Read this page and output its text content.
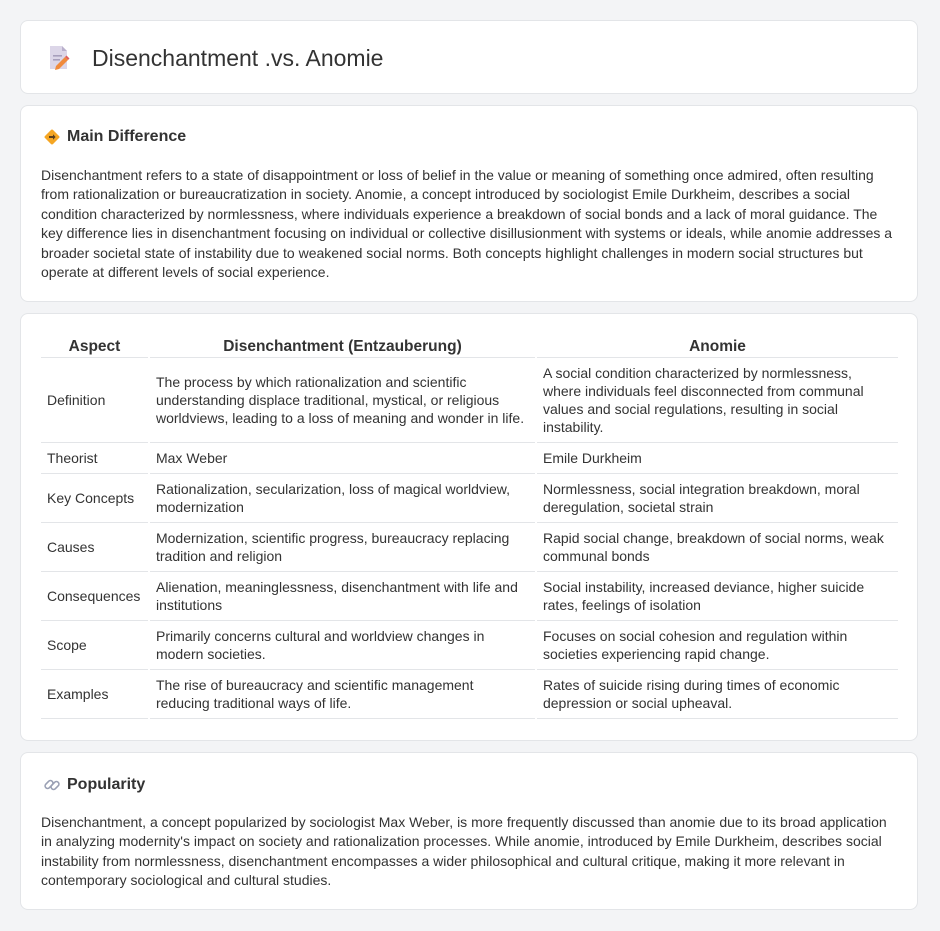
Disenchantment .vs. Anomie
Main Difference

Disenchantment refers to a state of disappointment or loss of belief in the value or meaning of something once admired, often resulting from rationalization or bureaucratization in society. Anomie, a concept introduced by sociologist Emile Durkheim, describes a social condition characterized by normlessness, where individuals experience a breakdown of social bonds and a lack of moral guidance. The key difference lies in disenchantment focusing on individual or collective disillusionment with systems or ideals, while anomie addresses a broader societal state of instability due to weakened social norms. Both concepts highlight challenges in modern social structures but operate at different levels of social experience.

Aspect	Disenchantment (Entzauberung)	Anomie
Definition	The process by which rationalization and scientific understanding displace traditional, mystical, or religious worldviews, leading to a loss of meaning and wonder in life.	A social condition characterized by normlessness, where individuals feel disconnected from communal values and social regulations, resulting in social instability.
Theorist	Max Weber	Emile Durkheim
Key Concepts	Rationalization, secularization, loss of magical worldview, modernization	Normlessness, social integration breakdown, moral deregulation, societal strain
Causes	Modernization, scientific progress, bureaucracy replacing tradition and religion	Rapid social change, breakdown of social norms, weak communal bonds
Consequences	Alienation, meaninglessness, disenchantment with life and institutions	Social instability, increased deviance, higher suicide rates, feelings of isolation
Scope	Primarily concerns cultural and worldview changes in modern societies.	Focuses on social cohesion and regulation within societies experiencing rapid change.
Examples	The rise of bureaucracy and scientific management reducing traditional ways of life.	Rates of suicide rising during times of economic depression or social upheaval.
Popularity

Disenchantment, a concept popularized by sociologist Max Weber, is more frequently discussed than anomie due to its broad application in analyzing modernity's impact on society and rationalization processes. While anomie, introduced by Emile Durkheim, describes social instability from normlessness, disenchantment encompasses a wider philosophical and cultural critique, making it more relevant in contemporary sociological and cultural studies.
